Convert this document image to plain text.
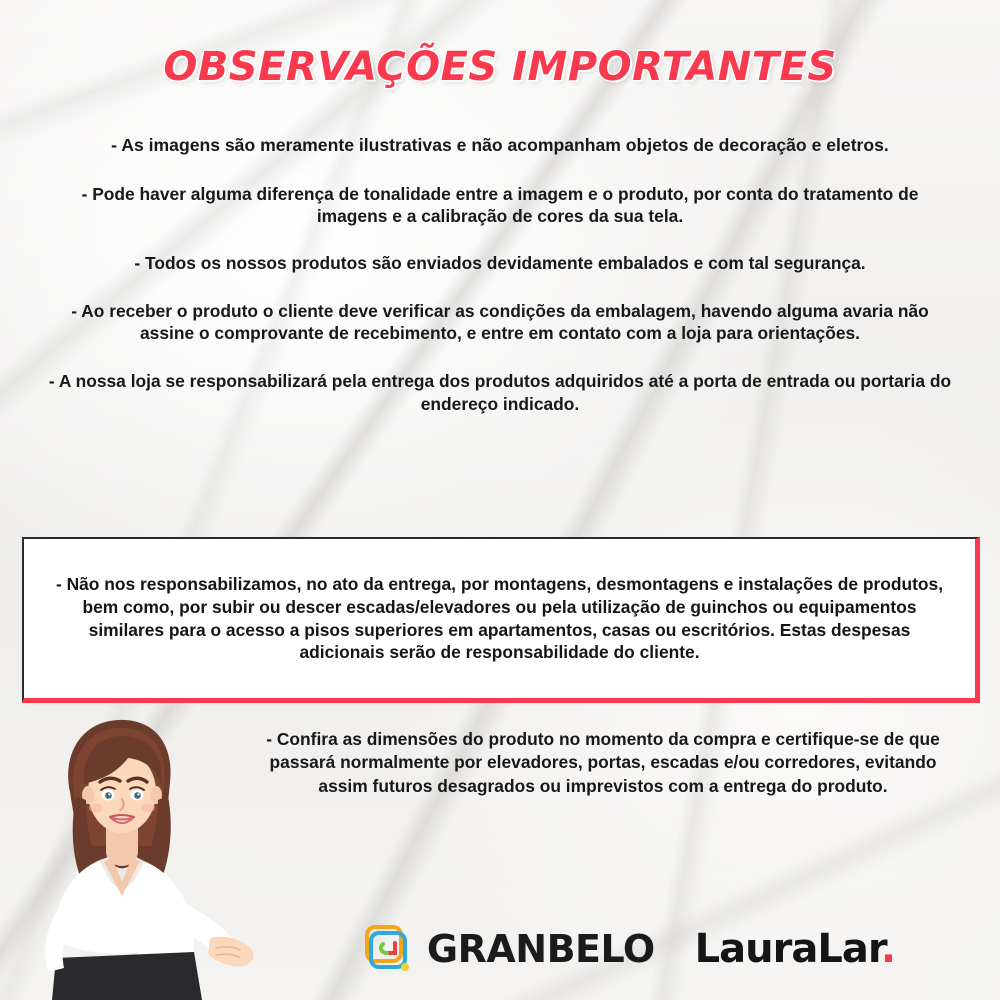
OBSERVAÇÕES IMPORTANTES
- As imagens são meramente ilustrativas e não acompanham objetos de decoração e eletros.
- Pode haver alguma diferença de tonalidade entre a imagem e o produto, por conta do tratamento de imagens e a calibração de cores da sua tela.
- Todos os nossos produtos são enviados devidamente embalados e com tal segurança.
- Ao receber o produto o cliente deve verificar as condições da embalagem, havendo alguma avaria não assine o comprovante de recebimento, e entre em contato com a loja para orientações.
- A nossa loja se responsabilizará pela entrega dos produtos adquiridos até a porta de entrada ou portaria do endereço indicado.
- Não nos responsabilizamos, no ato da entrega, por montagens, desmontagens e instalações de produtos, bem como, por subir ou descer escadas/elevadores ou pela utilização de guinchos ou equipamentos similares para o acesso a pisos superiores em apartamentos, casas ou escritórios. Estas despesas adicionais serão de responsabilidade do cliente.
- Confira as dimensões do produto no momento da compra e certifique-se de que passará normalmente por elevadores, portas, escadas e/ou corredores, evitando assim futuros desagrados ou imprevistos com a entrega do produto.
GRANBELO LauraLar.
